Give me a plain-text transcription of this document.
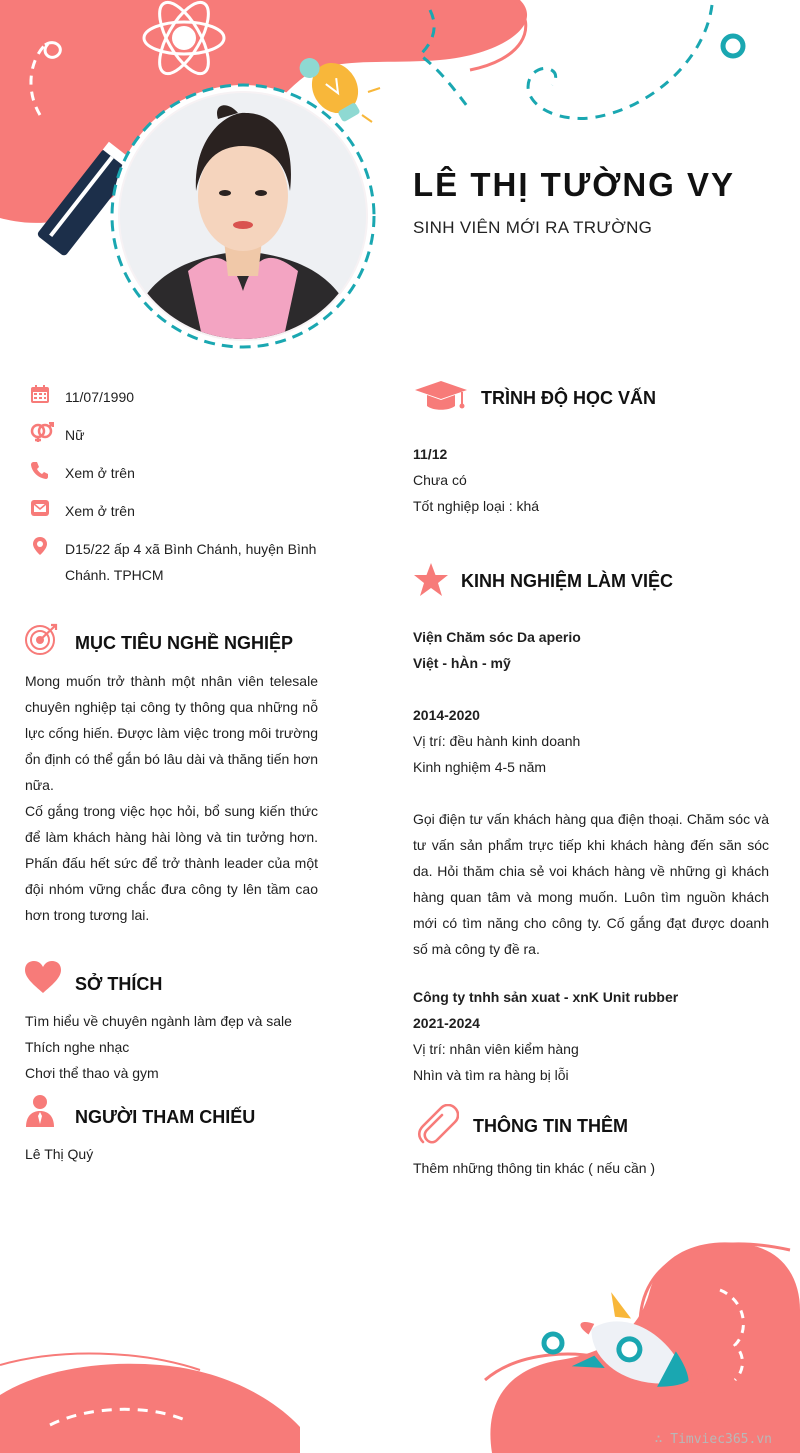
LÊ THỊ TƯỜNG VY
SINH VIÊN MỚI RA TRƯỜNG
11/07/1990
Nữ
Xem ở trên
Xem ở trên
D15/22 ấp 4 xã Bình Chánh, huyện Bình Chánh. TPHCM
MỤC TIÊU NGHỀ NGHIỆP
Mong muốn trở thành một nhân viên telesale chuyên nghiệp tại công ty thông qua những nỗ lực cống hiến. Được làm việc trong môi trường ổn định có thể gắn bó lâu dài và thăng tiến hơn nữa.
Cố gắng trong việc học hỏi, bổ sung kiến thức để làm khách hàng hài lòng và tin tưởng hơn. Phấn đấu hết sức để trở thành leader của một đội nhóm vững chắc đưa công ty lên tầm cao hơn trong tương lai.
SỞ THÍCH
Tìm hiểu về chuyên ngành làm đẹp và sale
Thích nghe nhạc
Chơi thể thao và gym
NGƯỜI THAM CHIẾU
Lê Thị Quý
TRÌNH ĐỘ HỌC VẤN
11/12
Chưa có
Tốt nghiệp loại : khá
KINH NGHIỆM LÀM VIỆC
Viện Chăm sóc Da aperio
Việt - hÀn - mỹ

2014-2020
Vị trí: đều hành kinh doanh
Kinh nghiệm 4-5 năm

Gọi điện tư vấn khách hàng qua điện thoại. Chăm sóc và tư vấn sản phẩm trực tiếp khi khách hàng đến săn sóc da. Hỏi thăm chia sẻ voi khách hàng về những gì khách hàng quan tâm và mong muốn. Luôn tìm nguồn khách mới có tìm năng cho công ty. Cố gắng đạt được doanh số mà công ty đề ra.
Công ty tnhh sản xuat - xnK Unit rubber
2021-2024
Vị trí: nhân viên kiểm hàng
Nhìn và tìm ra hàng bị lỗi
THÔNG TIN THÊM
Thêm những thông tin khác ( nếu cần )
∴ Timviec365.vn
